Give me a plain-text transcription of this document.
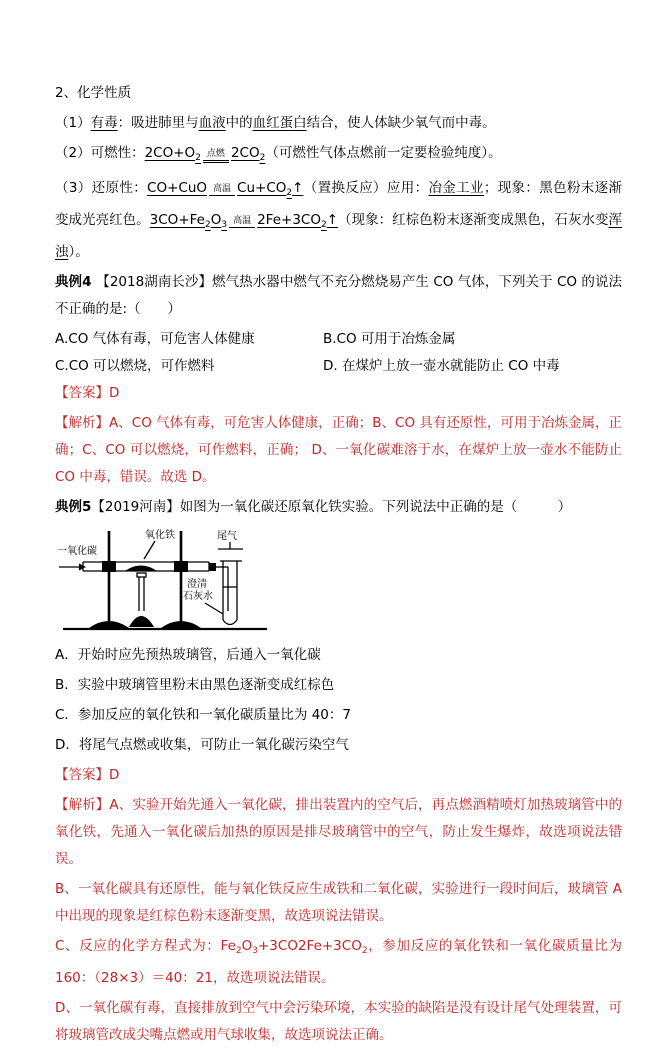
2、化学性质

（1）有毒：吸进肺里与血液中的血红蛋白结合，使人体缺少氧气而中毒。

（2）可燃性：$2CO+O_2$ 点燃 $2CO_2$（可燃性气体点燃前一定要检验纯度）。

（3）还原性：CO+CuO 高温 $Cu+CO_2↑$（置换反应）应用：冶金工业；现象：黑色粉末逐渐变成光亮红色。$3CO+Fe_2O_3$ 高温 $2Fe+3CO_2↑$（现象：红棕色粉末逐渐变成黑色，石灰水变浑浊）。

典例4 【2018湖南长沙】燃气热水器中燃气不充分燃烧易产生 CO 气体，下列关于 CO 的说法不正确的是:（　　）

A.CO 气体有毒，可危害人体健康	B.CO 可用于冶炼金属
C.CO 可以燃烧，可作燃料	D. 在煤炉上放一壶水就能防止 CO 中毒

【答案】D

【解析】A、CO 气体有毒，可危害人体健康，正确；B、CO 具有还原性，可用于冶炼金属，正确；C、CO 可以燃烧，可作燃料，正确； D、一氧化碳难溶于水，在煤炉上放一壶水不能防止 CO 中毒，错误。故选 D。

典例5【2019河南】如图为一氧化碳还原氧化铁实验。下列说法中正确的是（　　　）

一氧化碳
氧化铁	尾气
澄清
石灰水

A．开始时应先预热玻璃管，后通入一氧化碳

B．实验中玻璃管里粉末由黑色逐渐变成红棕色

C．参加反应的氧化铁和一氧化碳质量比为 40：7

D．将尾气点燃或收集，可防止一氧化碳污染空气

【答案】D

【解析】A、实验开始先通入一氧化碳，排出装置内的空气后，再点燃酒精喷灯加热玻璃管中的氧化铁，先通入一氧化碳后加热的原因是排尽玻璃管中的空气，防止发生爆炸，故选项说法错误。

B、一氧化碳具有还原性，能与氧化铁反应生成铁和二氧化碳，实验进行一段时间后，玻璃管 A 中出现的现象是红棕色粉末逐渐变黑，故选项说法错误。

C、反应的化学方程式为：$Fe_2O_3+3CO2Fe+3CO_2$，参加反应的氧化铁和一氧化碳质量比为 160：（28×3）＝40：21，故选项说法错误。

D、一氧化碳有毒，直接排放到空气中会污染环境，本实验的缺陷是没有设计尾气处理装置，可将玻璃管改成尖嘴点燃或用气球收集，故选项说法正确。
